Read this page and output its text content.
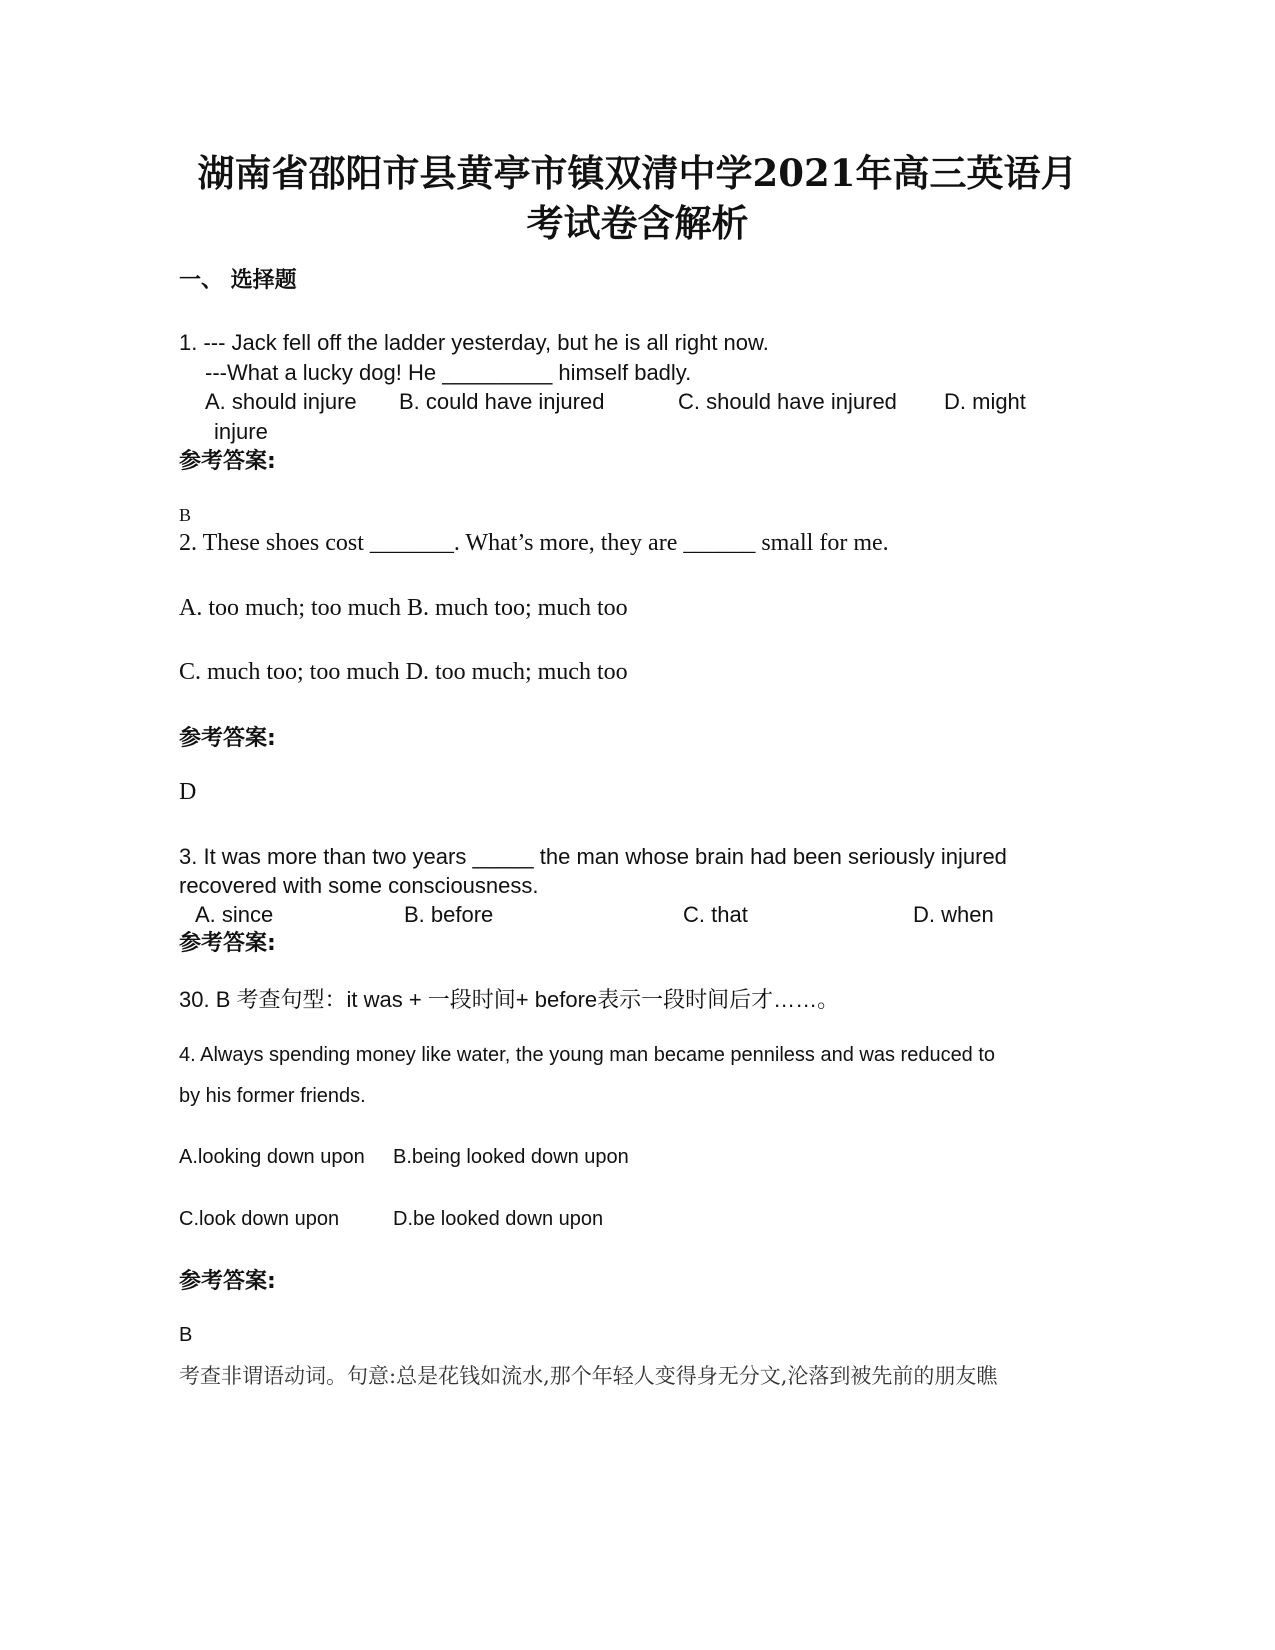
湖南省邵阳市县黄亭市镇双清中学2021年高三英语月
考试卷含解析
一、 选择题
1. --- Jack fell off the ladder yesterday, but he is all right now.
---What a lucky dog! He _________ himself badly.
A. should injure B. could have injured	C. should have injured D. might
injure
参考答案:
B
2. These shoes cost _______. What’s more, they are ______ small for me.
A. too much; too much B. much too; much too
C. much too; too much D. too much; much too
参考答案:
D
3. It was more than two years _____ the man whose brain had been seriously injured
recovered with some consciousness.
A. since	B. before	C. that	D. when
参考答案:
30. B 考查句型：it was + 一段时间+ before表示一段时间后才……。
4. Always spending money like water, the young man became penniless and was reduced to
by his former friends.
A.looking down upon B.being looked down upon
C.look down upon	D.be looked down upon
参考答案:
B
考查非谓语动词。句意:总是花钱如流水,那个年轻人变得身无分文,沦落到被先前的朋友瞧
